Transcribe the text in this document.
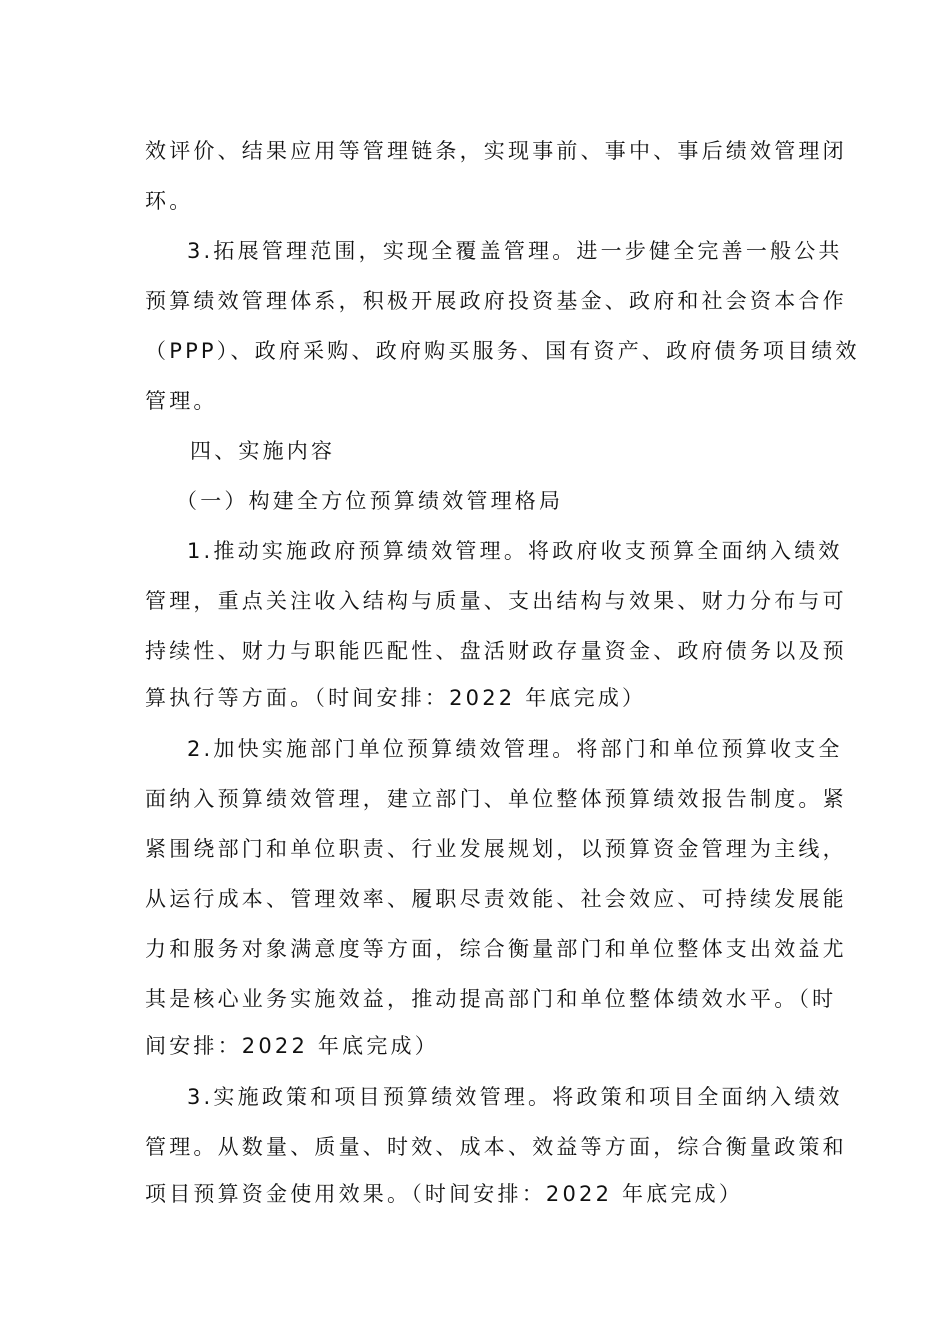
效评价、结果应用等管理链条，实现事前、事中、事后绩效管理闭
环。
3.拓展管理范围，实现全覆盖管理。进一步健全完善一般公共
预算绩效管理体系，积极开展政府投资基金、政府和社会资本合作
（PPP）、政府采购、政府购买服务、国有资产、政府债务项目绩效
管理。
四、实施内容
（一）构建全方位预算绩效管理格局
1.推动实施政府预算绩效管理。将政府收支预算全面纳入绩效
管理，重点关注收入结构与质量、支出结构与效果、财力分布与可
持续性、财力与职能匹配性、盘活财政存量资金、政府债务以及预
算执行等方面。（时间安排：2022 年底完成）
2.加快实施部门单位预算绩效管理。将部门和单位预算收支全
面纳入预算绩效管理，建立部门、单位整体预算绩效报告制度。紧
紧围绕部门和单位职责、行业发展规划，以预算资金管理为主线，
从运行成本、管理效率、履职尽责效能、社会效应、可持续发展能
力和服务对象满意度等方面，综合衡量部门和单位整体支出效益尤
其是核心业务实施效益，推动提高部门和单位整体绩效水平。（时
间安排：2022 年底完成）
3.实施政策和项目预算绩效管理。将政策和项目全面纳入绩效
管理。从数量、质量、时效、成本、效益等方面，综合衡量政策和
项目预算资金使用效果。（时间安排：2022 年底完成）
